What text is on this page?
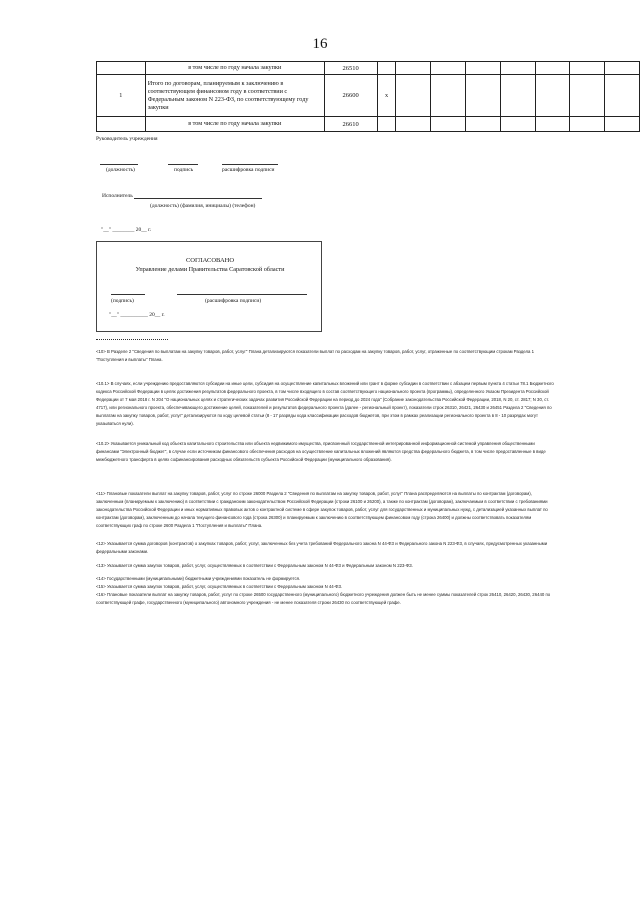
16
	в том числе по году начала закупки	26510								
1	Итого по договорам, планируемым к заключению в соответствующем финансовом году в соответствии с Федеральным законом N 223-ФЗ, по соответствующему году закупки	26600	х							
	в том числе по году начала закупки	26610								
Руководитель учреждения
(должность)	подпись	расшифровка подписи
Исполнитель
(должность) (фамилия, инициалы) (телефон)
"__" ________ 20__ г.
СОГЛАСОВАНО
Управление делами Правительства Саратовской области
(подпись)	(расшифровка подписи)
"__" __________ 20__ г.

<10> В Разделе 2 "Сведения по выплатам на закупку товаров, работ, услуг" Плана детализируются показатели выплат по расходам на закупку товаров, работ, услуг, отраженные по соответствующим строкам Раздела 1 "Поступления и выплаты" Плана.

<10.1> В случаях, если учреждению предоставляются субсидии на иные цели, субсидия на осуществление капитальных вложений или грант в форме субсидии в соответствии с абзацем первым пункта 4 статьи 78.1 Бюджетного кодекса Российской Федерации в целях достижения результатов федерального проекта, в том числе входящего в состав соответствующего национального проекта (программы), определенного Указом Президента Российской Федерации от 7 мая 2018 г. N 204 "О национальных целях и стратегических задачах развития Российской Федерации на период до 2024 года" (Собрание законодательства Российской Федерации, 2018, N 20, ст. 2817; N 30, ст. 4717), или регионального проекта, обеспечивающего достижение целей, показателей и результатов федерального проекта (далее - региональный проект), показатели строк 26310, 26421, 26430 и 26451 Раздела 2 "Сведения по выплатам на закупку товаров, работ, услуг" детализируются по коду целевой статьи (8 - 17 разряды кода классификации расходов бюджетов, при этом в рамках реализации регионального проекта в 8 - 10 разрядах могут указываться нули).

<10.2> Указывается уникальный код объекта капитального строительства или объекта недвижимого имущества, присвоенный государственной интегрированной информационной системой управления общественными финансами "Электронный бюджет", в случае если источником финансового обеспечения расходов на осуществление капитальных вложений являются средства федерального бюджета, в том числе предоставленные в виде межбюджетного трансферта в целях софинансирования расходных обязательств субъекта Российской Федерации (муниципального образования).

<11> Плановые показатели выплат на закупку товаров, работ, услуг по строке 26000 Раздела 2 "Сведения по выплатам на закупку товаров, работ, услуг" Плана распределяются на выплаты по контрактам (договорам), заключенным (планируемым к заключению) в соответствии с гражданским законодательством Российской Федерации (строки 26100 и 26200), а также по контрактам (договорам), заключаемым в соответствии с требованиями законодательства Российской Федерации и иных нормативных правовых актов о контрактной системе в сфере закупок товаров, работ, услуг для государственных и муниципальных нужд, с детализацией указанных выплат по контрактам (договорам), заключенным до начала текущего финансового года (строка 26300) и планируемым к заключению в соответствующем финансовом году (строка 26400) и должны соответствовать показателям соответствующих граф по строке 2600 Раздела 1 "Поступления и выплаты" Плана.

<12> Указывается сумма договоров (контрактов) о закупках товаров, работ, услуг, заключенных без учета требований Федерального закона N 44-ФЗ и Федерального закона N 223-ФЗ, в случаях, предусмотренных указанными федеральными законами.

<13> Указывается сумма закупок товаров, работ, услуг, осуществляемых в соответствии с Федеральным законом N 44-ФЗ и Федеральным законом N 223-ФЗ.

<14> Государственными (муниципальными) бюджетными учреждениями показатель не формируется.

<15> Указывается сумма закупок товаров, работ, услуг, осуществляемых в соответствии с Федеральным законом N 44-ФЗ.

<16> Плановые показатели выплат на закупку товаров, работ, услуг по строке 26500 государственного (муниципального) бюджетного учреждения должен быть не менее суммы показателей строк 26410, 26420, 26430, 26440 по соответствующей графе, государственного (муниципального) автономного учреждения - не менее показателя строки 26430 по соответствующей графе.
